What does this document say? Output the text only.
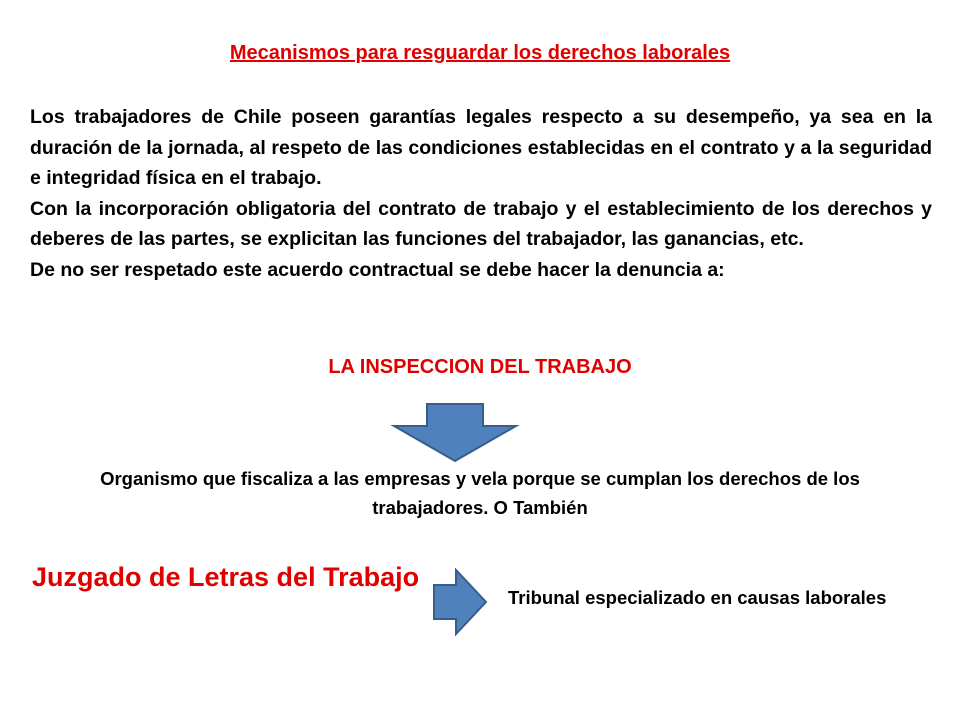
Mecanismos para resguardar los derechos laborales

Los trabajadores de Chile poseen garantías legales respecto a su desempeño, ya sea en la duración de la jornada, al respeto de las condiciones establecidas en el contrato y a la seguridad e integridad física en el trabajo.

Con la incorporación obligatoria del contrato de trabajo y el establecimiento de los derechos y deberes de las partes, se explicitan las funciones del trabajador, las ganancias, etc.

De no ser respetado este acuerdo contractual se debe hacer la denuncia a:

LA INSPECCION DEL TRABAJO
Organismo que fiscaliza a las empresas y vela porque se cumplan los derechos de los trabajadores. O También
Juzgado de Letras del Trabajo
Tribunal especializado en causas laborales
